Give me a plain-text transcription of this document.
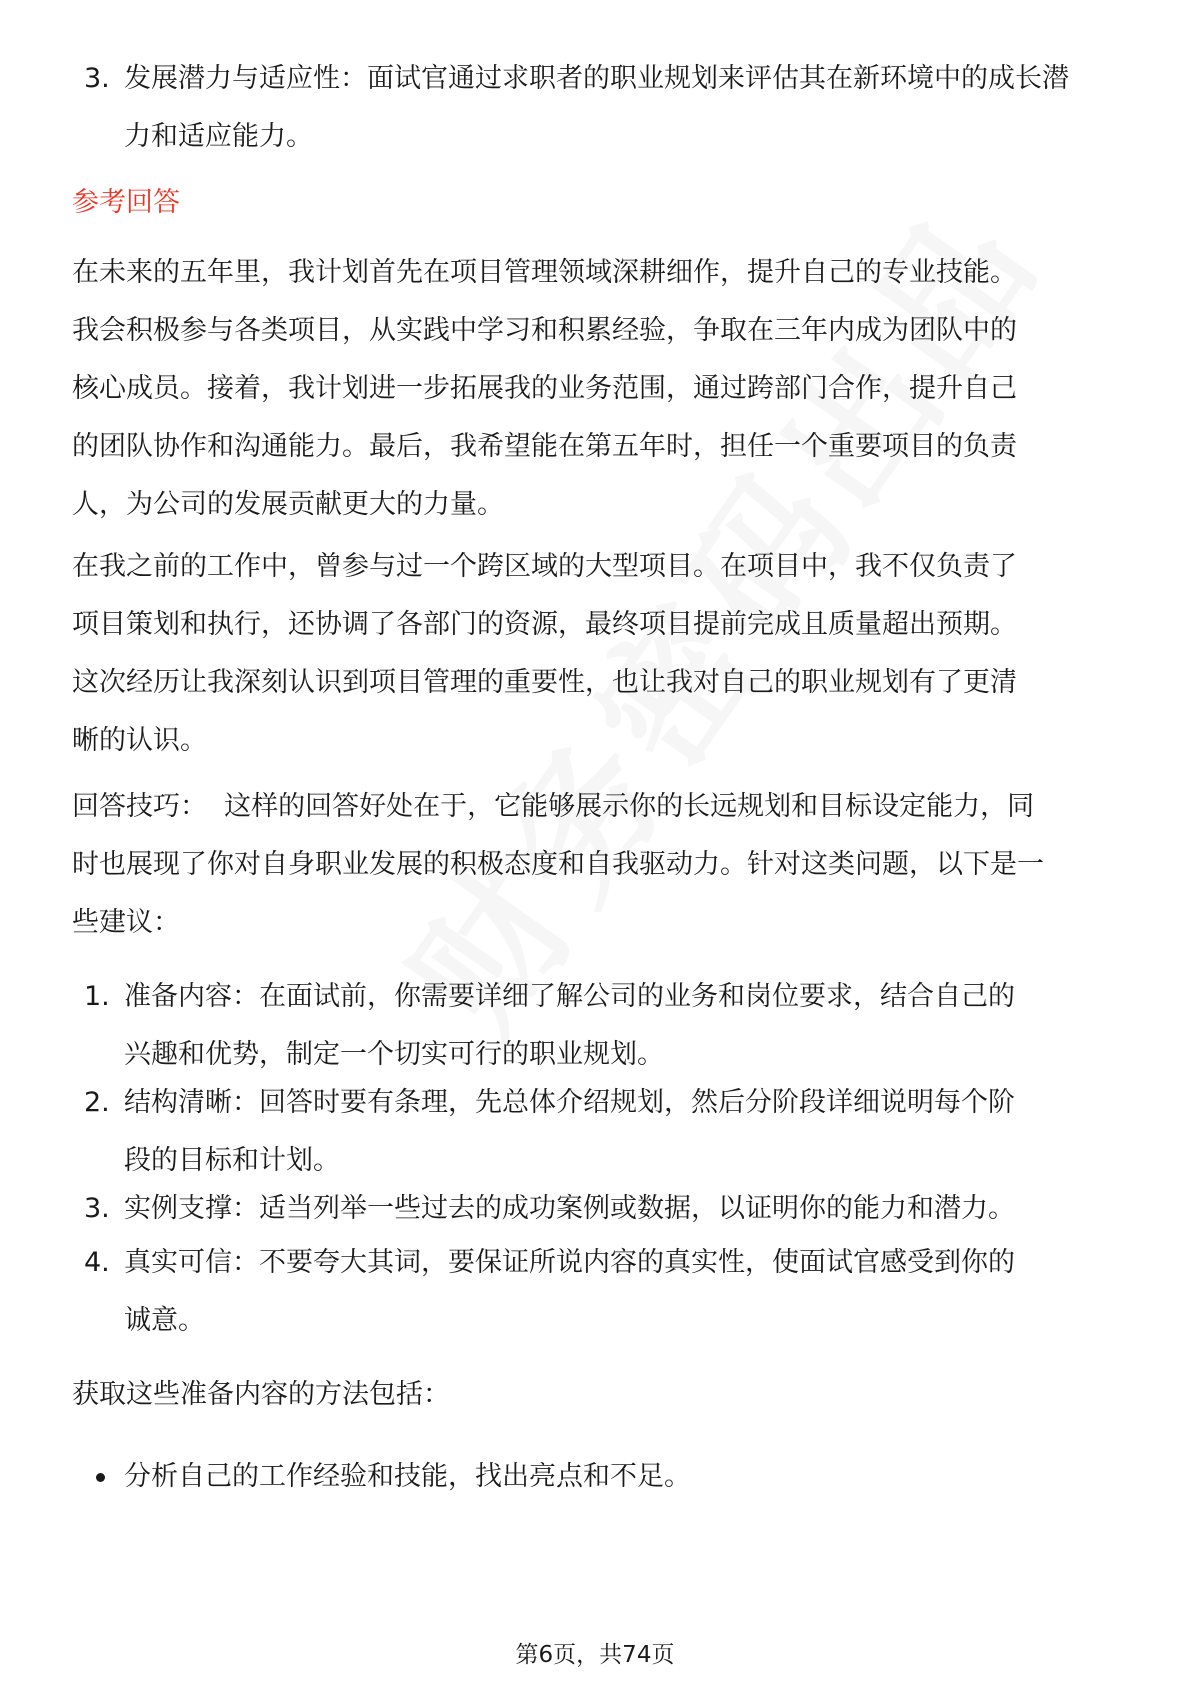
3. 发展潜力与适应性：面试官通过求职者的职业规划来评估其在新环境中的成长潜力和适应能力。

参考回答

在未来的五年里，我计划首先在项目管理领域深耕细作，提升自己的专业技能。我会积极参与各类项目，从实践中学习和积累经验，争取在三年内成为团队中的核心成员。接着，我计划进一步拓展我的业务范围，通过跨部门合作，提升自己的团队协作和沟通能力。最后，我希望能在第五年时，担任一个重要项目的负责人，为公司的发展贡献更大的力量。

在我之前的工作中，曾参与过一个跨区域的大型项目。在项目中，我不仅负责了项目策划和执行，还协调了各部门的资源，最终项目提前完成且质量超出预期。这次经历让我深刻认识到项目管理的重要性，也让我对自己的职业规划有了更清晰的认识。

回答技巧：  这样的回答好处在于，它能够展示你的长远规划和目标设定能力，同时也展现了你对自身职业发展的积极态度和自我驱动力。针对这类问题，以下是一些建议：

1. 准备内容：在面试前，你需要详细了解公司的业务和岗位要求，结合自己的兴趣和优势，制定一个切实可行的职业规划。
2. 结构清晰：回答时要有条理，先总体介绍规划，然后分阶段详细说明每个阶段的目标和计划。
3. 实例支撑：适当列举一些过去的成功案例或数据，以证明你的能力和潜力。
4. 真实可信：不要夸大其词，要保证所说内容的真实性，使面试官感受到你的诚意。

获取这些准备内容的方法包括：

分析自己的工作经验和技能，找出亮点和不足。
第6页，共74页
